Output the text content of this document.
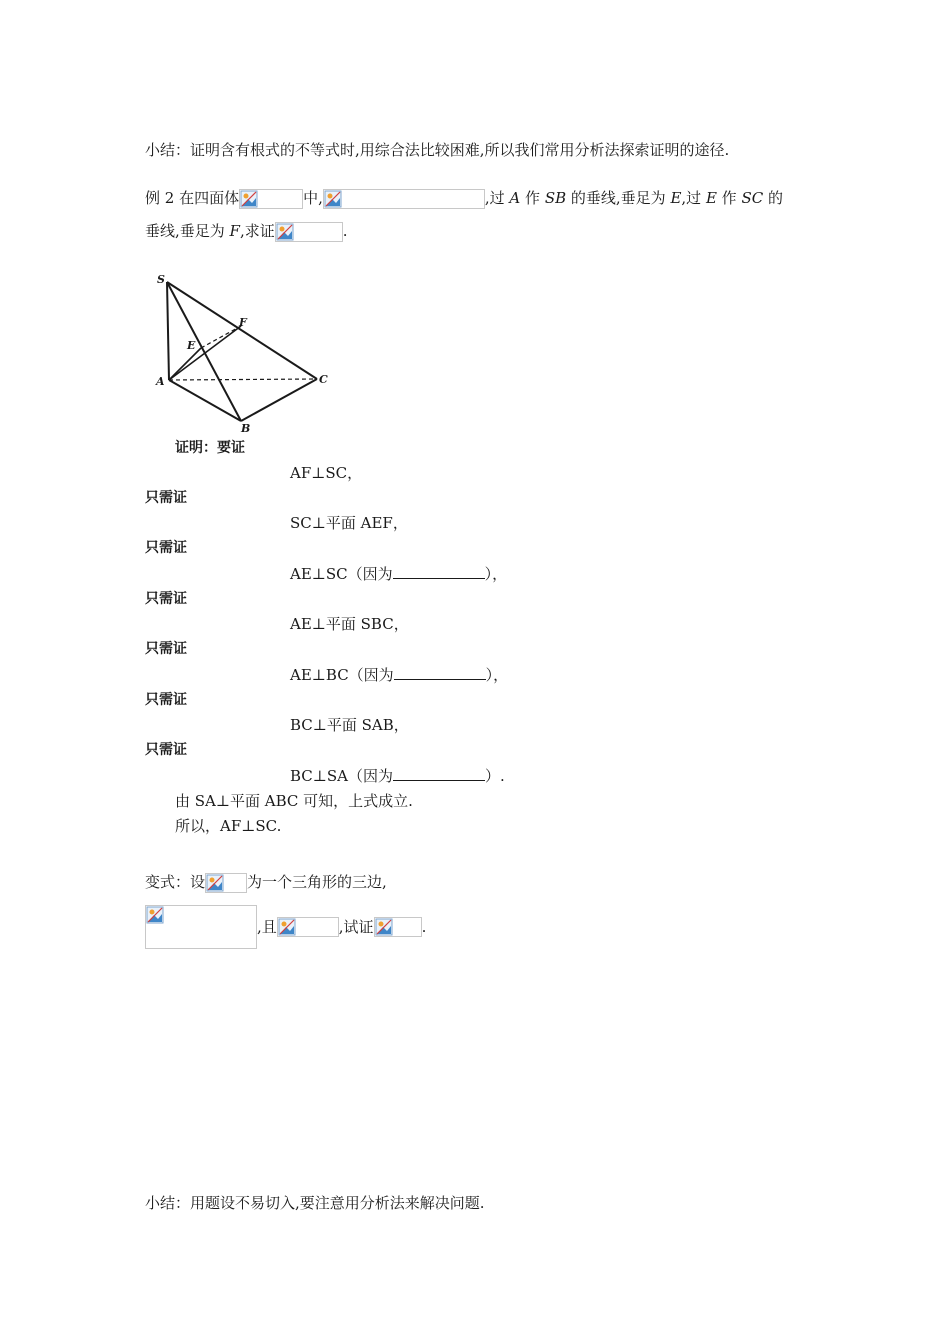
小结：证明含有根式的不等式时,用综合法比较困难,所以我们常用分析法探索证明的途径.
例 2 在四面体	中,	,过 A 作 SB 的垂线,垂足为 E,过 E 作 SC 的
垂线,垂足为 F,求证	.
S
F
E
A	C
B
证明：要证
AF⊥SC，
只需证
SC⊥平面 AEF，
只需证
AE⊥SC（因为	），
只需证
AE⊥平面 SBC，
只需证
AE⊥BC（因为	），
只需证
BC⊥平面 SAB，
只需证
BC⊥SA（因为	）.
由 SA⊥平面 ABC 可知，上式成立.
所以，AF⊥SC.
变式：设	为一个三角形的三边,
,且	,试证	.
小结：用题设不易切入,要注意用分析法来解决问题.
